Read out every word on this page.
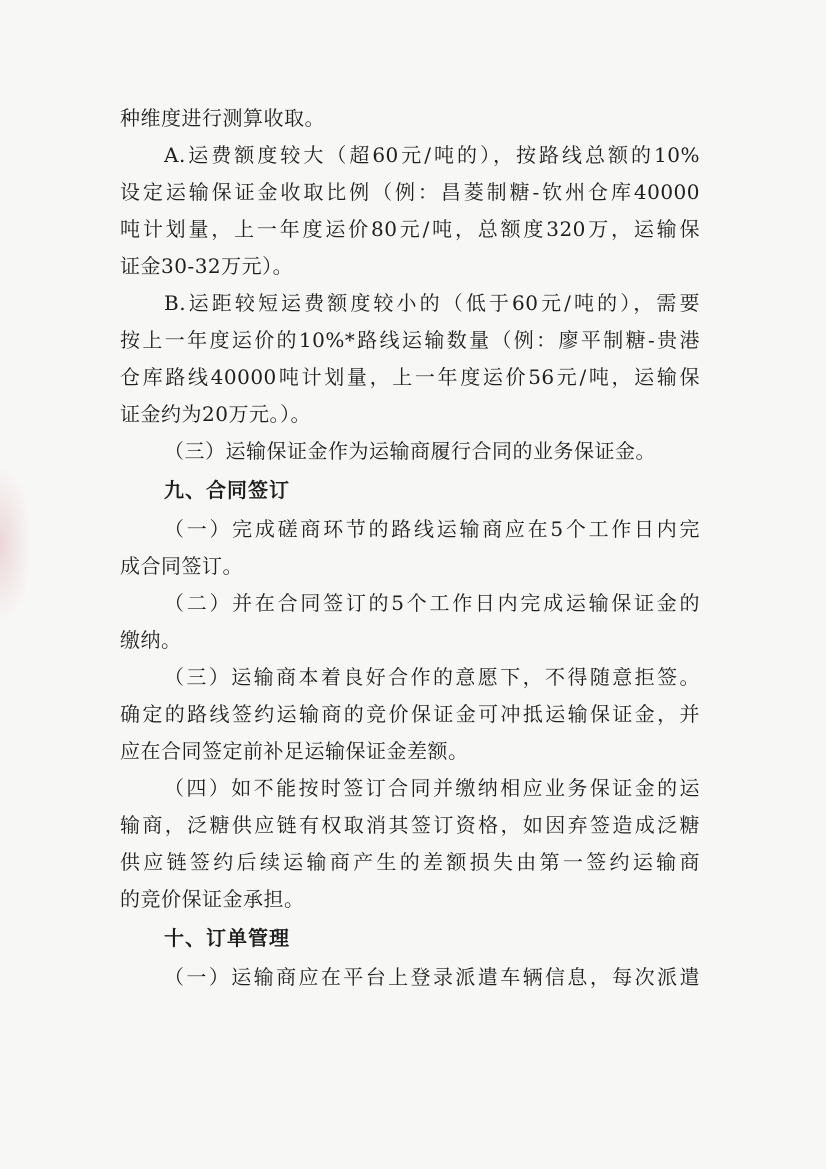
种维度进行测算收取。
A.运费额度较大（超60元/吨的），按路线总额的10%
设定运输保证金收取比例（例：昌菱制糖-钦州仓库40000
吨计划量，上一年度运价80元/吨，总额度320万，运输保
证金30-32万元）。
B.运距较短运费额度较小的（低于60元/吨的），需要
按上一年度运价的10%*路线运输数量（例：廖平制糖-贵港
仓库路线40000吨计划量，上一年度运价56元/吨，运输保
证金约为20万元。）。
（三）运输保证金作为运输商履行合同的业务保证金。
九、合同签订
（一）完成磋商环节的路线运输商应在5个工作日内完
成合同签订。
（二）并在合同签订的5个工作日内完成运输保证金的
缴纳。
（三）运输商本着良好合作的意愿下，不得随意拒签。
确定的路线签约运输商的竞价保证金可冲抵运输保证金，并
应在合同签定前补足运输保证金差额。
（四）如不能按时签订合同并缴纳相应业务保证金的运
输商，泛糖供应链有权取消其签订资格，如因弃签造成泛糖
供应链签约后续运输商产生的差额损失由第一签约运输商
的竞价保证金承担。
十、订单管理
（一）运输商应在平台上登录派遣车辆信息，每次派遣
